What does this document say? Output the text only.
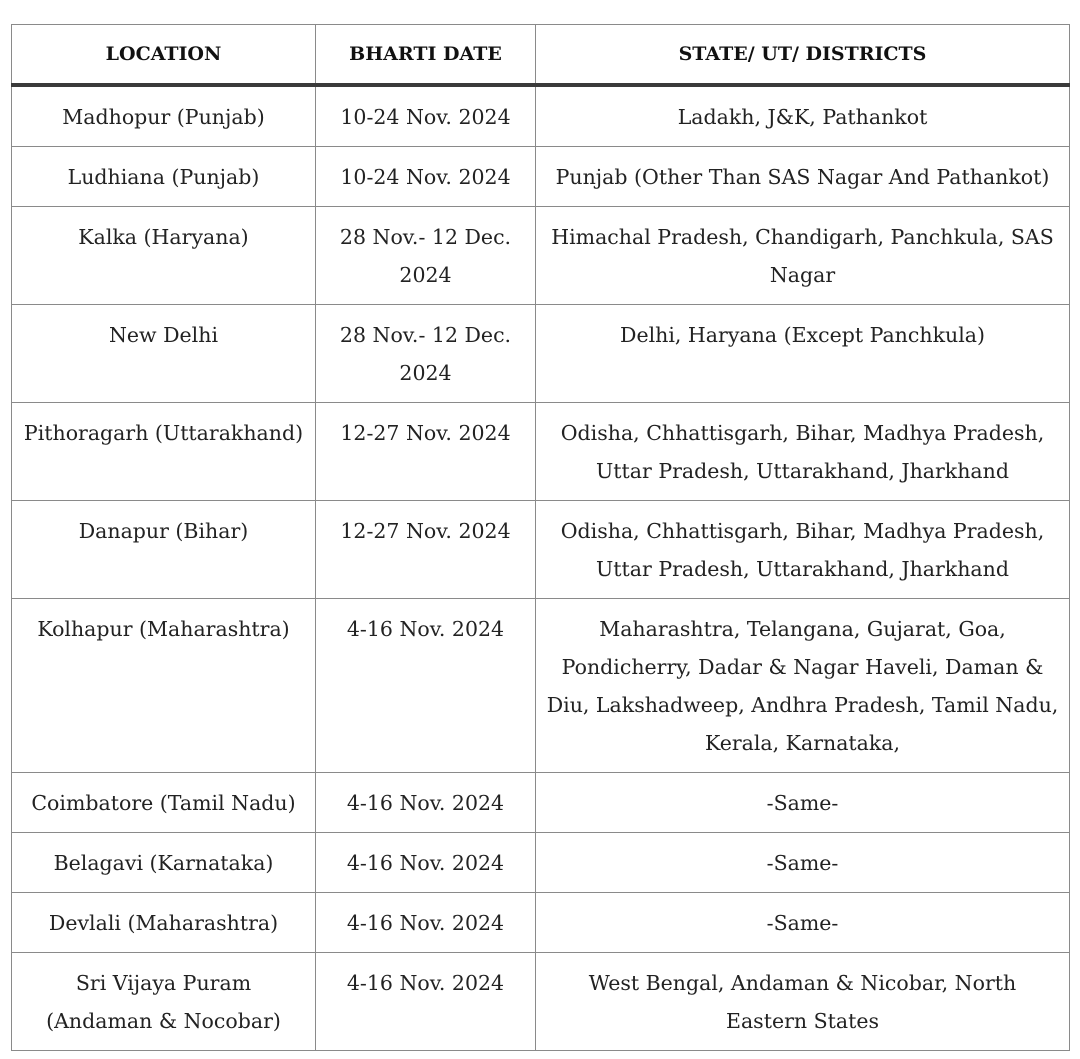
LOCATION	BHARTI DATE	STATE/ UT/ DISTRICTS
Madhopur (Punjab)	10-24 Nov. 2024	Ladakh, J&K, Pathankot
Ludhiana (Punjab)	10-24 Nov. 2024	Punjab (Other Than SAS Nagar And Pathankot)
Kalka (Haryana)	28 Nov.- 12 Dec. 2024	Himachal Pradesh, Chandigarh, Panchkula, SAS Nagar
New Delhi	28 Nov.- 12 Dec. 2024	Delhi, Haryana (Except Panchkula)
Pithoragarh (Uttarakhand)	12-27 Nov. 2024	Odisha, Chhattisgarh, Bihar, Madhya Pradesh, Uttar Pradesh, Uttarakhand, Jharkhand
Danapur (Bihar)	12-27 Nov. 2024	Odisha, Chhattisgarh, Bihar, Madhya Pradesh, Uttar Pradesh, Uttarakhand, Jharkhand
Kolhapur (Maharashtra)	4-16 Nov. 2024	Maharashtra, Telangana, Gujarat, Goa, Pondicherry, Dadar & Nagar Haveli, Daman & Diu, Lakshadweep, Andhra Pradesh, Tamil Nadu, Kerala, Karnataka,
Coimbatore (Tamil Nadu)	4-16 Nov. 2024	-Same-
Belagavi (Karnataka)	4-16 Nov. 2024	-Same-
Devlali (Maharashtra)	4-16 Nov. 2024	-Same-
Sri Vijaya Puram (Andaman & Nocobar)	4-16 Nov. 2024	West Bengal, Andaman & Nicobar, North Eastern States
